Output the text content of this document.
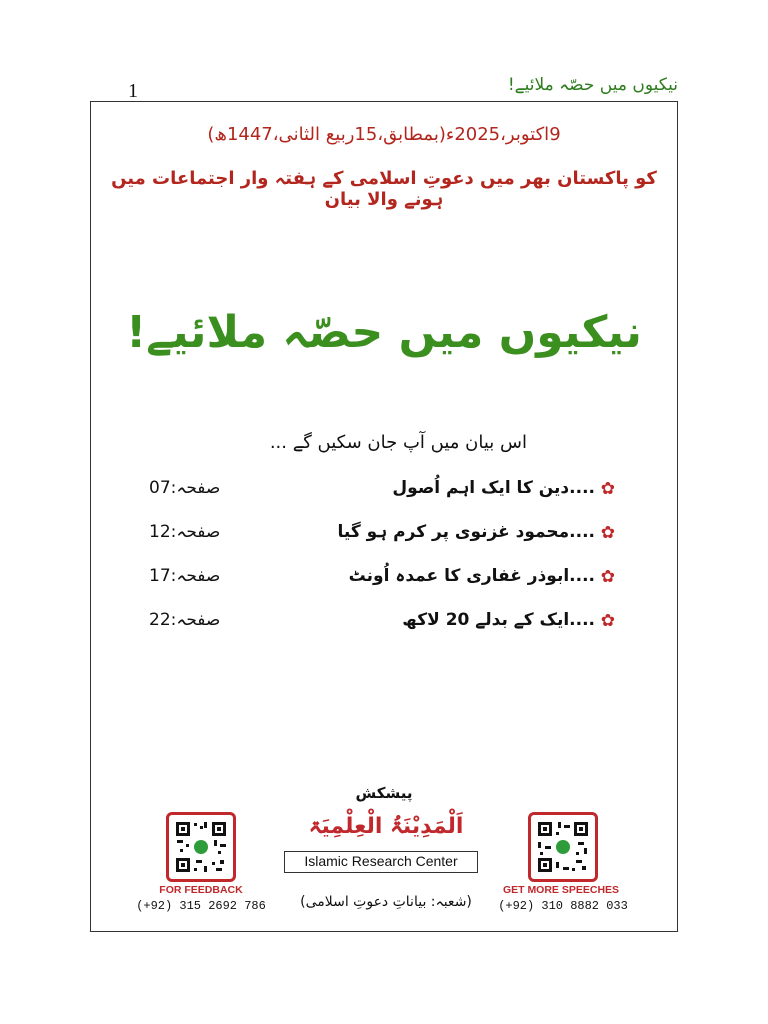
1	نیکیوں میں حصّہ ملائیے!
9اکتوبر،2025ء(بمطابق،15ربیع الثانی،1447ھ)
کو پاکستان بھر میں دعوتِ اسلامی کے ہفتہ وار اجتماعات میں ہونے والا بیان
نیکیوں میں حصّہ ملائیے!
اس بیان میں آپ جان سکیں گے ...
✿
....دین کا ایک اہم اُصول
صفحہ:07
✿
....محمود غزنوی پر کرم ہو گیا
صفحہ:12
✿
....ابوذر غفاری کا عمدہ اُونٹ
صفحہ:17
✿
....ایک کے بدلے 20 لاکھ
صفحہ:22
پیشکش
FOR FEEDBACK
(+92) 315 2692 786
اَلْمَدِیْنَۃُ الْعِلْمِیَۃ
Islamic Research Center
(شعبہ: بیاناتِ دعوتِ اسلامی)
GET MORE SPEECHES
(+92) 310 8882 033
